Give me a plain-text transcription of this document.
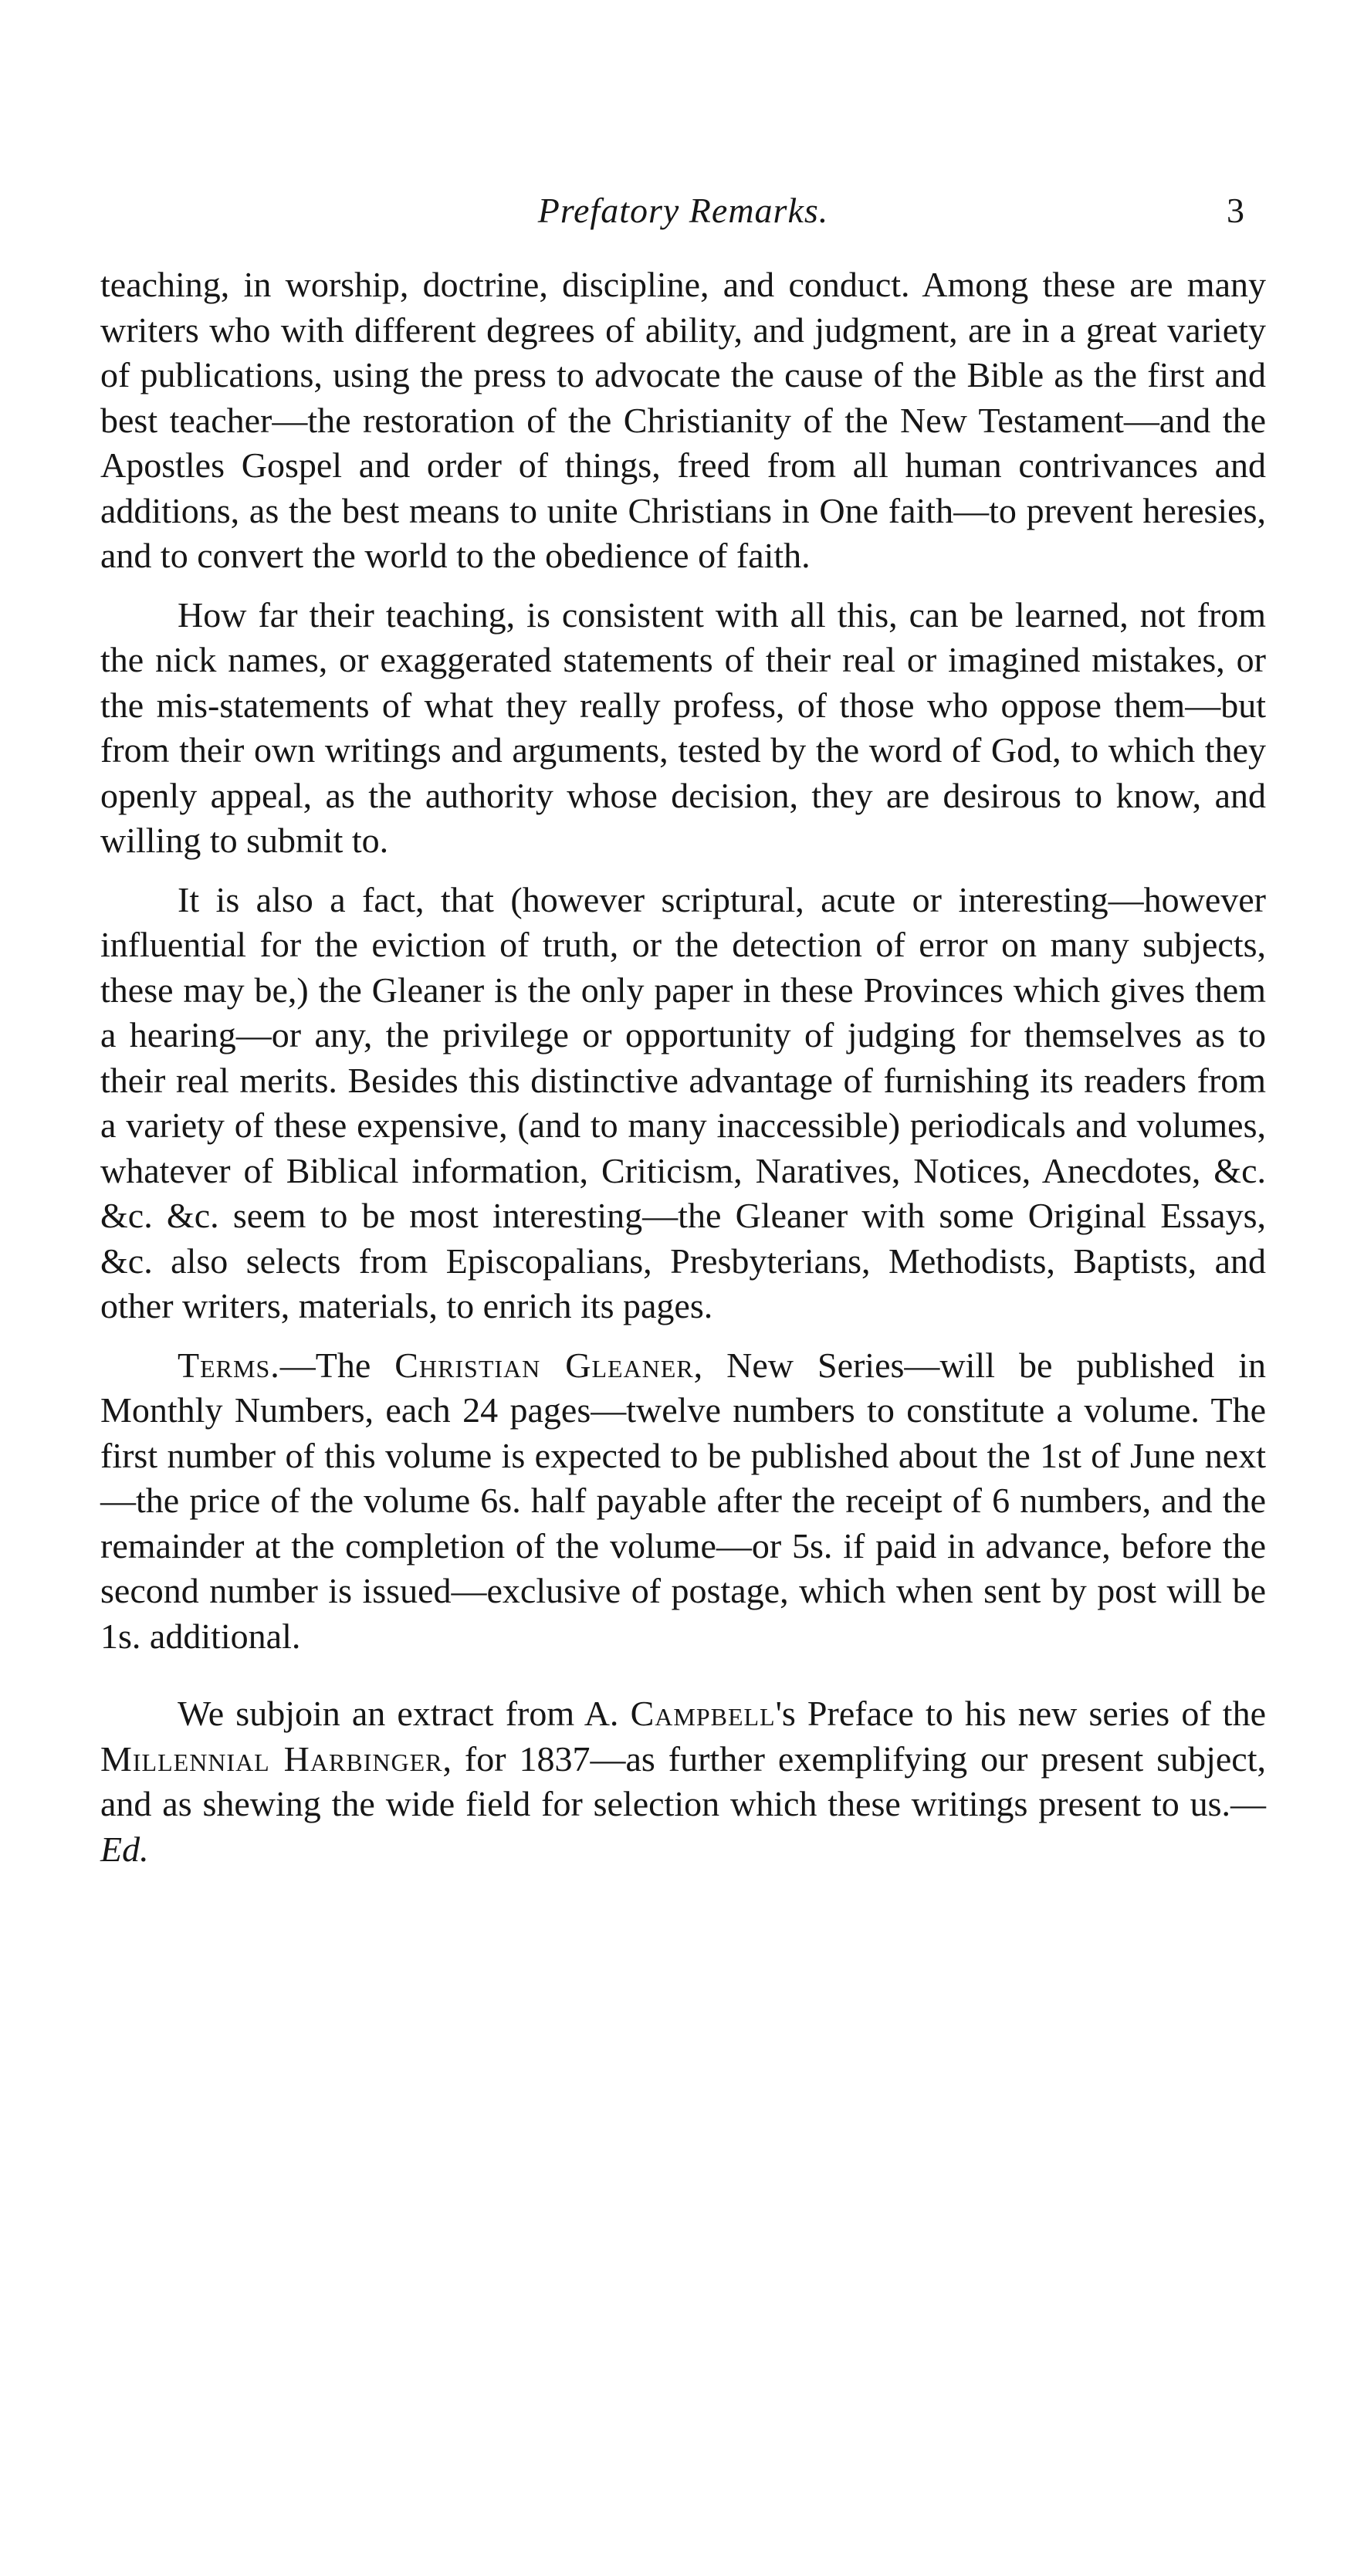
Prefatory Remarks.	3

teaching, in worship, doctrine, discipline, and conduct. Among these are many writers who with different degrees of ability, and judgment, are in a great variety of publications, using the press to advocate the cause of the Bible as the first and best teacher—the restoration of the Christianity of the New Testament—and the Apostles Gospel and order of things, freed from all human contrivances and additions, as the best means to unite Christians in One faith—to prevent heresies, and to convert the world to the obedience of faith.

How far their teaching, is consistent with all this, can be learned, not from the nick names, or exaggerated statements of their real or imagined mistakes, or the mis-statements of what they really profess, of those who oppose them—but from their own writings and arguments, tested by the word of God, to which they openly appeal, as the authority whose decision, they are desirous to know, and willing to submit to.

It is also a fact, that (however scriptural, acute or interesting—however influential for the eviction of truth, or the detection of error on many subjects, these may be,) the Gleaner is the only paper in these Provinces which gives them a hearing—or any, the privilege or opportunity of judging for themselves as to their real merits. Besides this distinctive advantage of furnishing its readers from a variety of these expensive, (and to many inaccessible) periodicals and volumes, whatever of Biblical information, Criticism, Naratives, Notices, Anecdotes, &c. &c. &c. seem to be most interesting—the Gleaner with some Original Essays, &c. also selects from Episcopalians, Presbyterians, Methodists, Baptists, and other writers, materials, to enrich its pages.

Terms.—The Christian Gleaner, New Series—will be published in Monthly Numbers, each 24 pages—twelve numbers to constitute a volume. The first number of this volume is expected to be published about the 1st of June next—the price of the volume 6s. half payable after the receipt of 6 numbers, and the remainder at the completion of the volume—or 5s. if paid in advance, before the second number is issued—exclusive of postage, which when sent by post will be 1s. additional.

We subjoin an extract from A. Campbell's Preface to his new series of the Millennial Harbinger, for 1837—as further exemplifying our present subject, and as shewing the wide field for selection which these writings present to us.—Ed.
